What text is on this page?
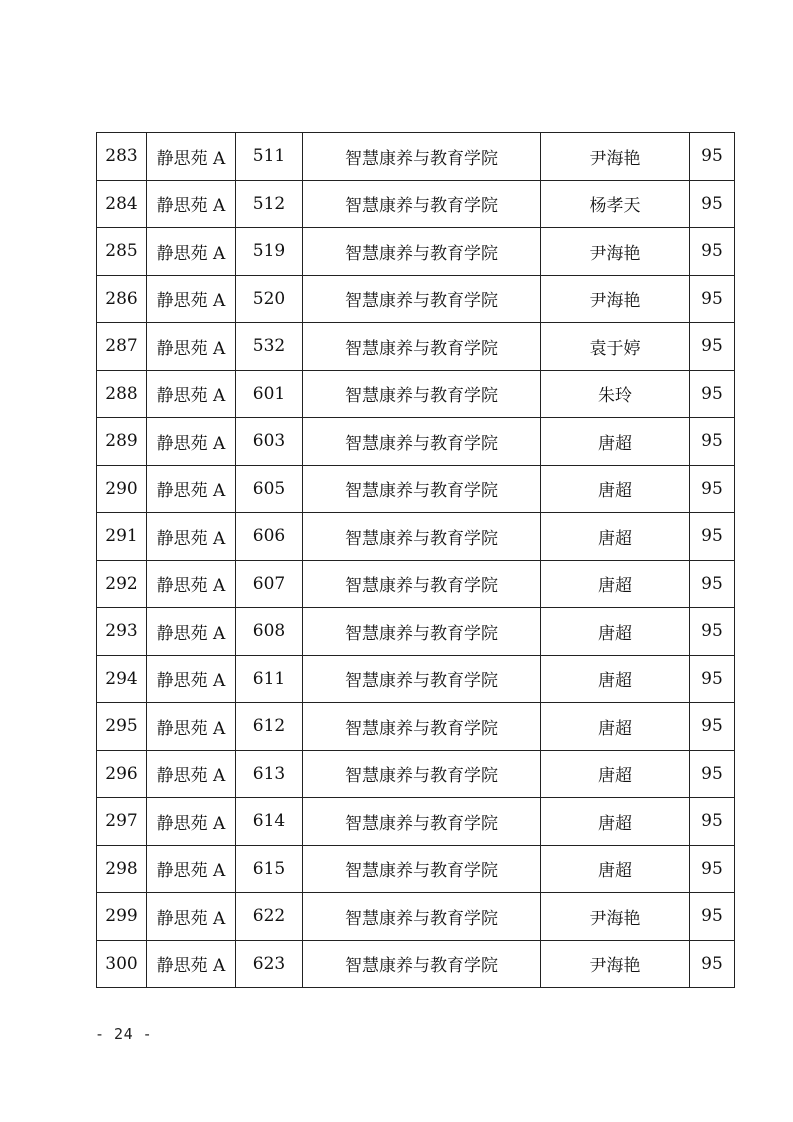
283	静思苑 A	511	智慧康养与教育学院	尹海艳	95
284	静思苑 A	512	智慧康养与教育学院	杨孝天	95
285	静思苑 A	519	智慧康养与教育学院	尹海艳	95
286	静思苑 A	520	智慧康养与教育学院	尹海艳	95
287	静思苑 A	532	智慧康养与教育学院	袁于婷	95
288	静思苑 A	601	智慧康养与教育学院	朱玲	95
289	静思苑 A	603	智慧康养与教育学院	唐超	95
290	静思苑 A	605	智慧康养与教育学院	唐超	95
291	静思苑 A	606	智慧康养与教育学院	唐超	95
292	静思苑 A	607	智慧康养与教育学院	唐超	95
293	静思苑 A	608	智慧康养与教育学院	唐超	95
294	静思苑 A	611	智慧康养与教育学院	唐超	95
295	静思苑 A	612	智慧康养与教育学院	唐超	95
296	静思苑 A	613	智慧康养与教育学院	唐超	95
297	静思苑 A	614	智慧康养与教育学院	唐超	95
298	静思苑 A	615	智慧康养与教育学院	唐超	95
299	静思苑 A	622	智慧康养与教育学院	尹海艳	95
300	静思苑 A	623	智慧康养与教育学院	尹海艳	95
- 24 -
